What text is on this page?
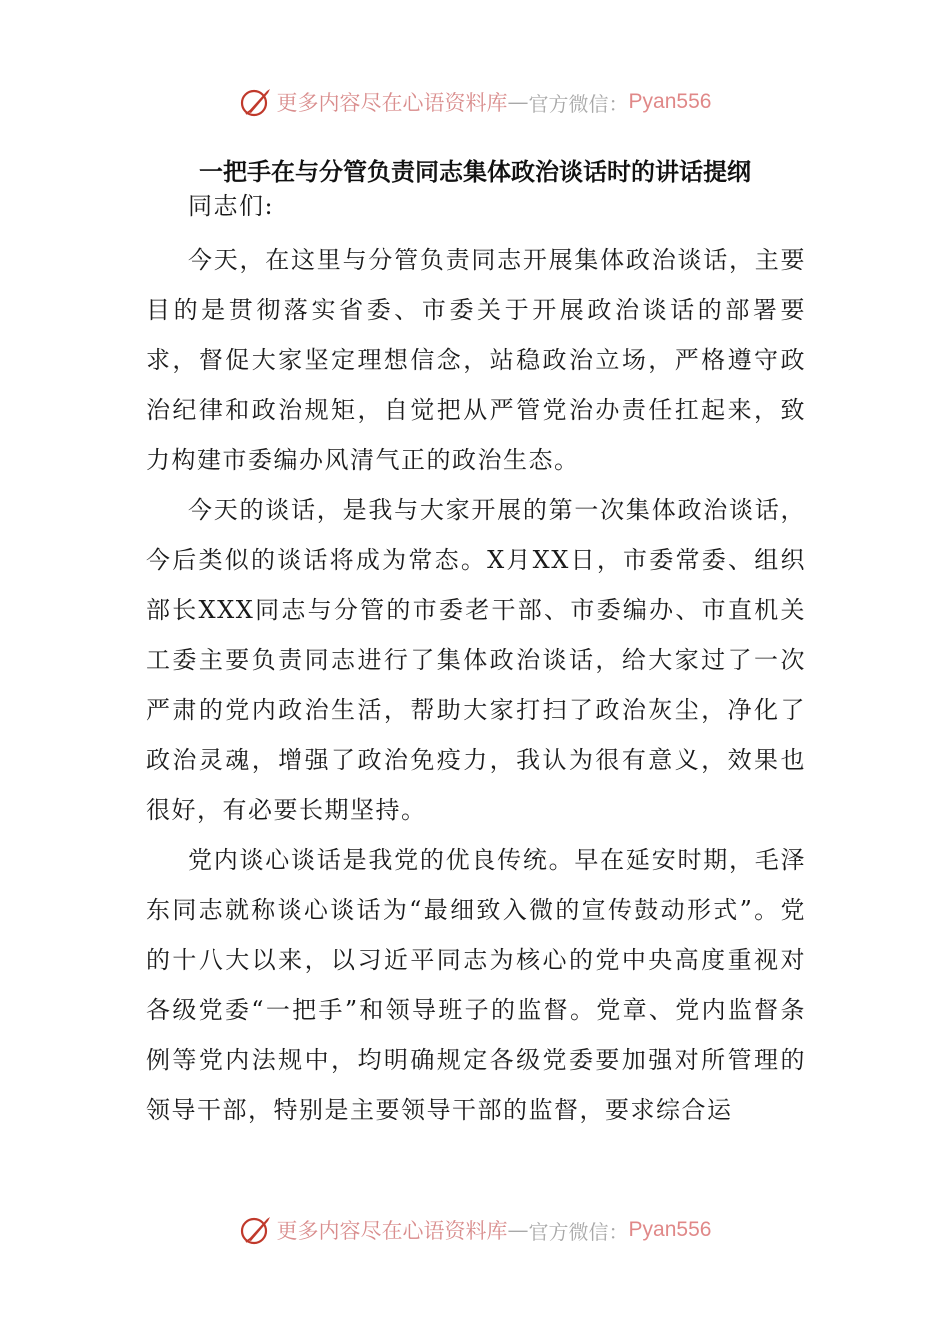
更多内容尽在心语资料库 — 官方微信： Pyan556
一把手在与分管负责同志集体政治谈话时的讲话提纲

同志们:

今天，在这里与分管负责同志开展集体政治谈话，主要目的是贯彻落实省委、市委关于开展政治谈话的部署要求，督促大家坚定理想信念，站稳政治立场，严格遵守政治纪律和政治规矩，自觉把从严管党治办责任扛起来，致力构建市委编办风清气正的政治生态。

今天的谈话，是我与大家开展的第一次集体政治谈话，今后类似的谈话将成为常态。X月XX日，市委常委、组织部长XXX同志与分管的市委老干部、市委编办、市直机关工委主要负责同志进行了集体政治谈话，给大家过了一次严肃的党内政治生活，帮助大家打扫了政治灰尘，净化了政治灵魂，增强了政治免疫力，我认为很有意义，效果也很好，有必要长期坚持。

党内谈心谈话是我党的优良传统。早在延安时期，毛泽东同志就称谈心谈话为“最细致入微的宣传鼓动形式”。党的十八大以来，以习近平同志为核心的党中央高度重视对各级党委“一把手”和领导班子的监督。党章、党内监督条例等党内法规中，均明确规定各级党委要加强对所管理的领导干部，特别是主要领导干部的监督，要求综合运

更多内容尽在心语资料库 — 官方微信： Pyan556
